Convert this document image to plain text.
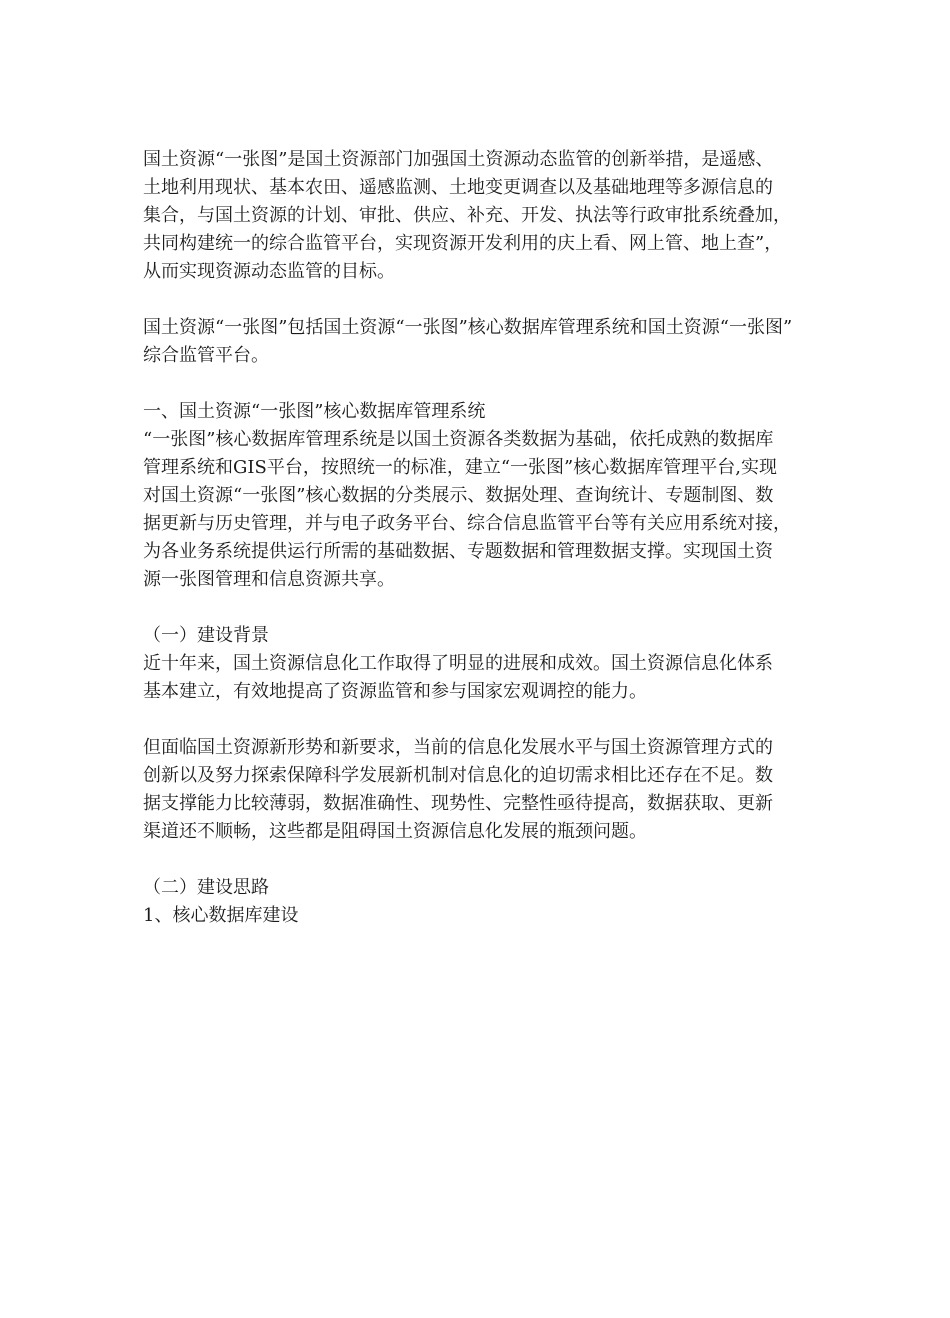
国土资源“一张图”是国土资源部门加强国土资源动态监管的创新举措，是遥感、
土地利用现状、基本农田、遥感监测、土地变更调查以及基础地理等多源信息的
集合，与国土资源的计划、审批、供应、补充、开发、执法等行政审批系统叠加，
共同构建统一的综合监管平台，实现资源开发利用的庆上看、网上管、地上查”，
从而实现资源动态监管的目标。
国土资源“一张图”包括国土资源“一张图”核心数据库管理系统和国土资源“一张图”
综合监管平台。
一、国土资源“一张图”核心数据库管理系统
“一张图”核心数据库管理系统是以国土资源各类数据为基础，依托成熟的数据库
管理系统和GIS平台，按照统一的标准，建立“一张图”核心数据库管理平台,实现
对国土资源“一张图”核心数据的分类展示、数据处理、查询统计、专题制图、数
据更新与历史管理，并与电子政务平台、综合信息监管平台等有关应用系统对接，
为各业务系统提供运行所需的基础数据、专题数据和管理数据支撑。实现国土资
源一张图管理和信息资源共享。
（一）建设背景
近十年来，国土资源信息化工作取得了明显的进展和成效。国土资源信息化体系
基本建立，有效地提高了资源监管和参与国家宏观调控的能力。
但面临国土资源新形势和新要求，当前的信息化发展水平与国土资源管理方式的
创新以及努力探索保障科学发展新机制对信息化的迫切需求相比还存在不足。数
据支撑能力比较薄弱，数据准确性、现势性、完整性亟待提高，数据获取、更新
渠道还不顺畅，这些都是阻碍国土资源信息化发展的瓶颈问题。
（二）建设思路
1、核心数据库建设
